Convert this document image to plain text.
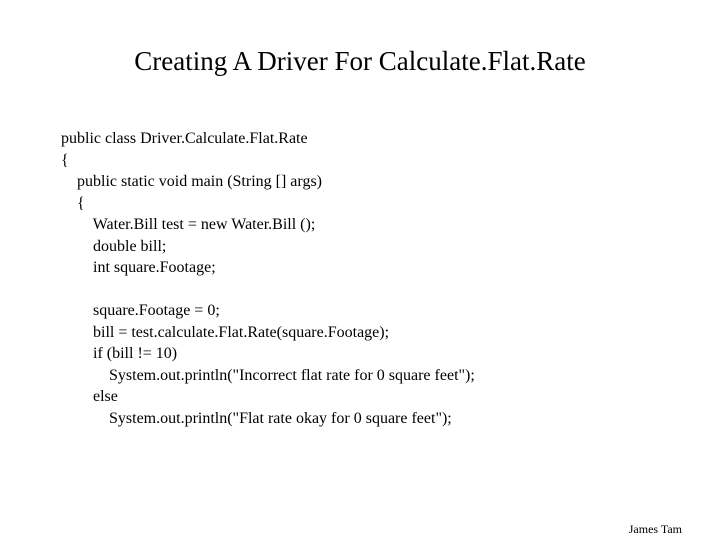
Creating A Driver For Calculate.Flat.Rate
public class Driver.Calculate.Flat.Rate
{
public static void main (String [] args)
{
Water.Bill test = new Water.Bill ();
double bill;
int square.Footage;
square.Footage = 0;
bill = test.calculate.Flat.Rate(square.Footage);
if (bill != 10)
System.out.println("Incorrect flat rate for 0 square feet");
else
System.out.println("Flat rate okay for 0 square feet");
James Tam
